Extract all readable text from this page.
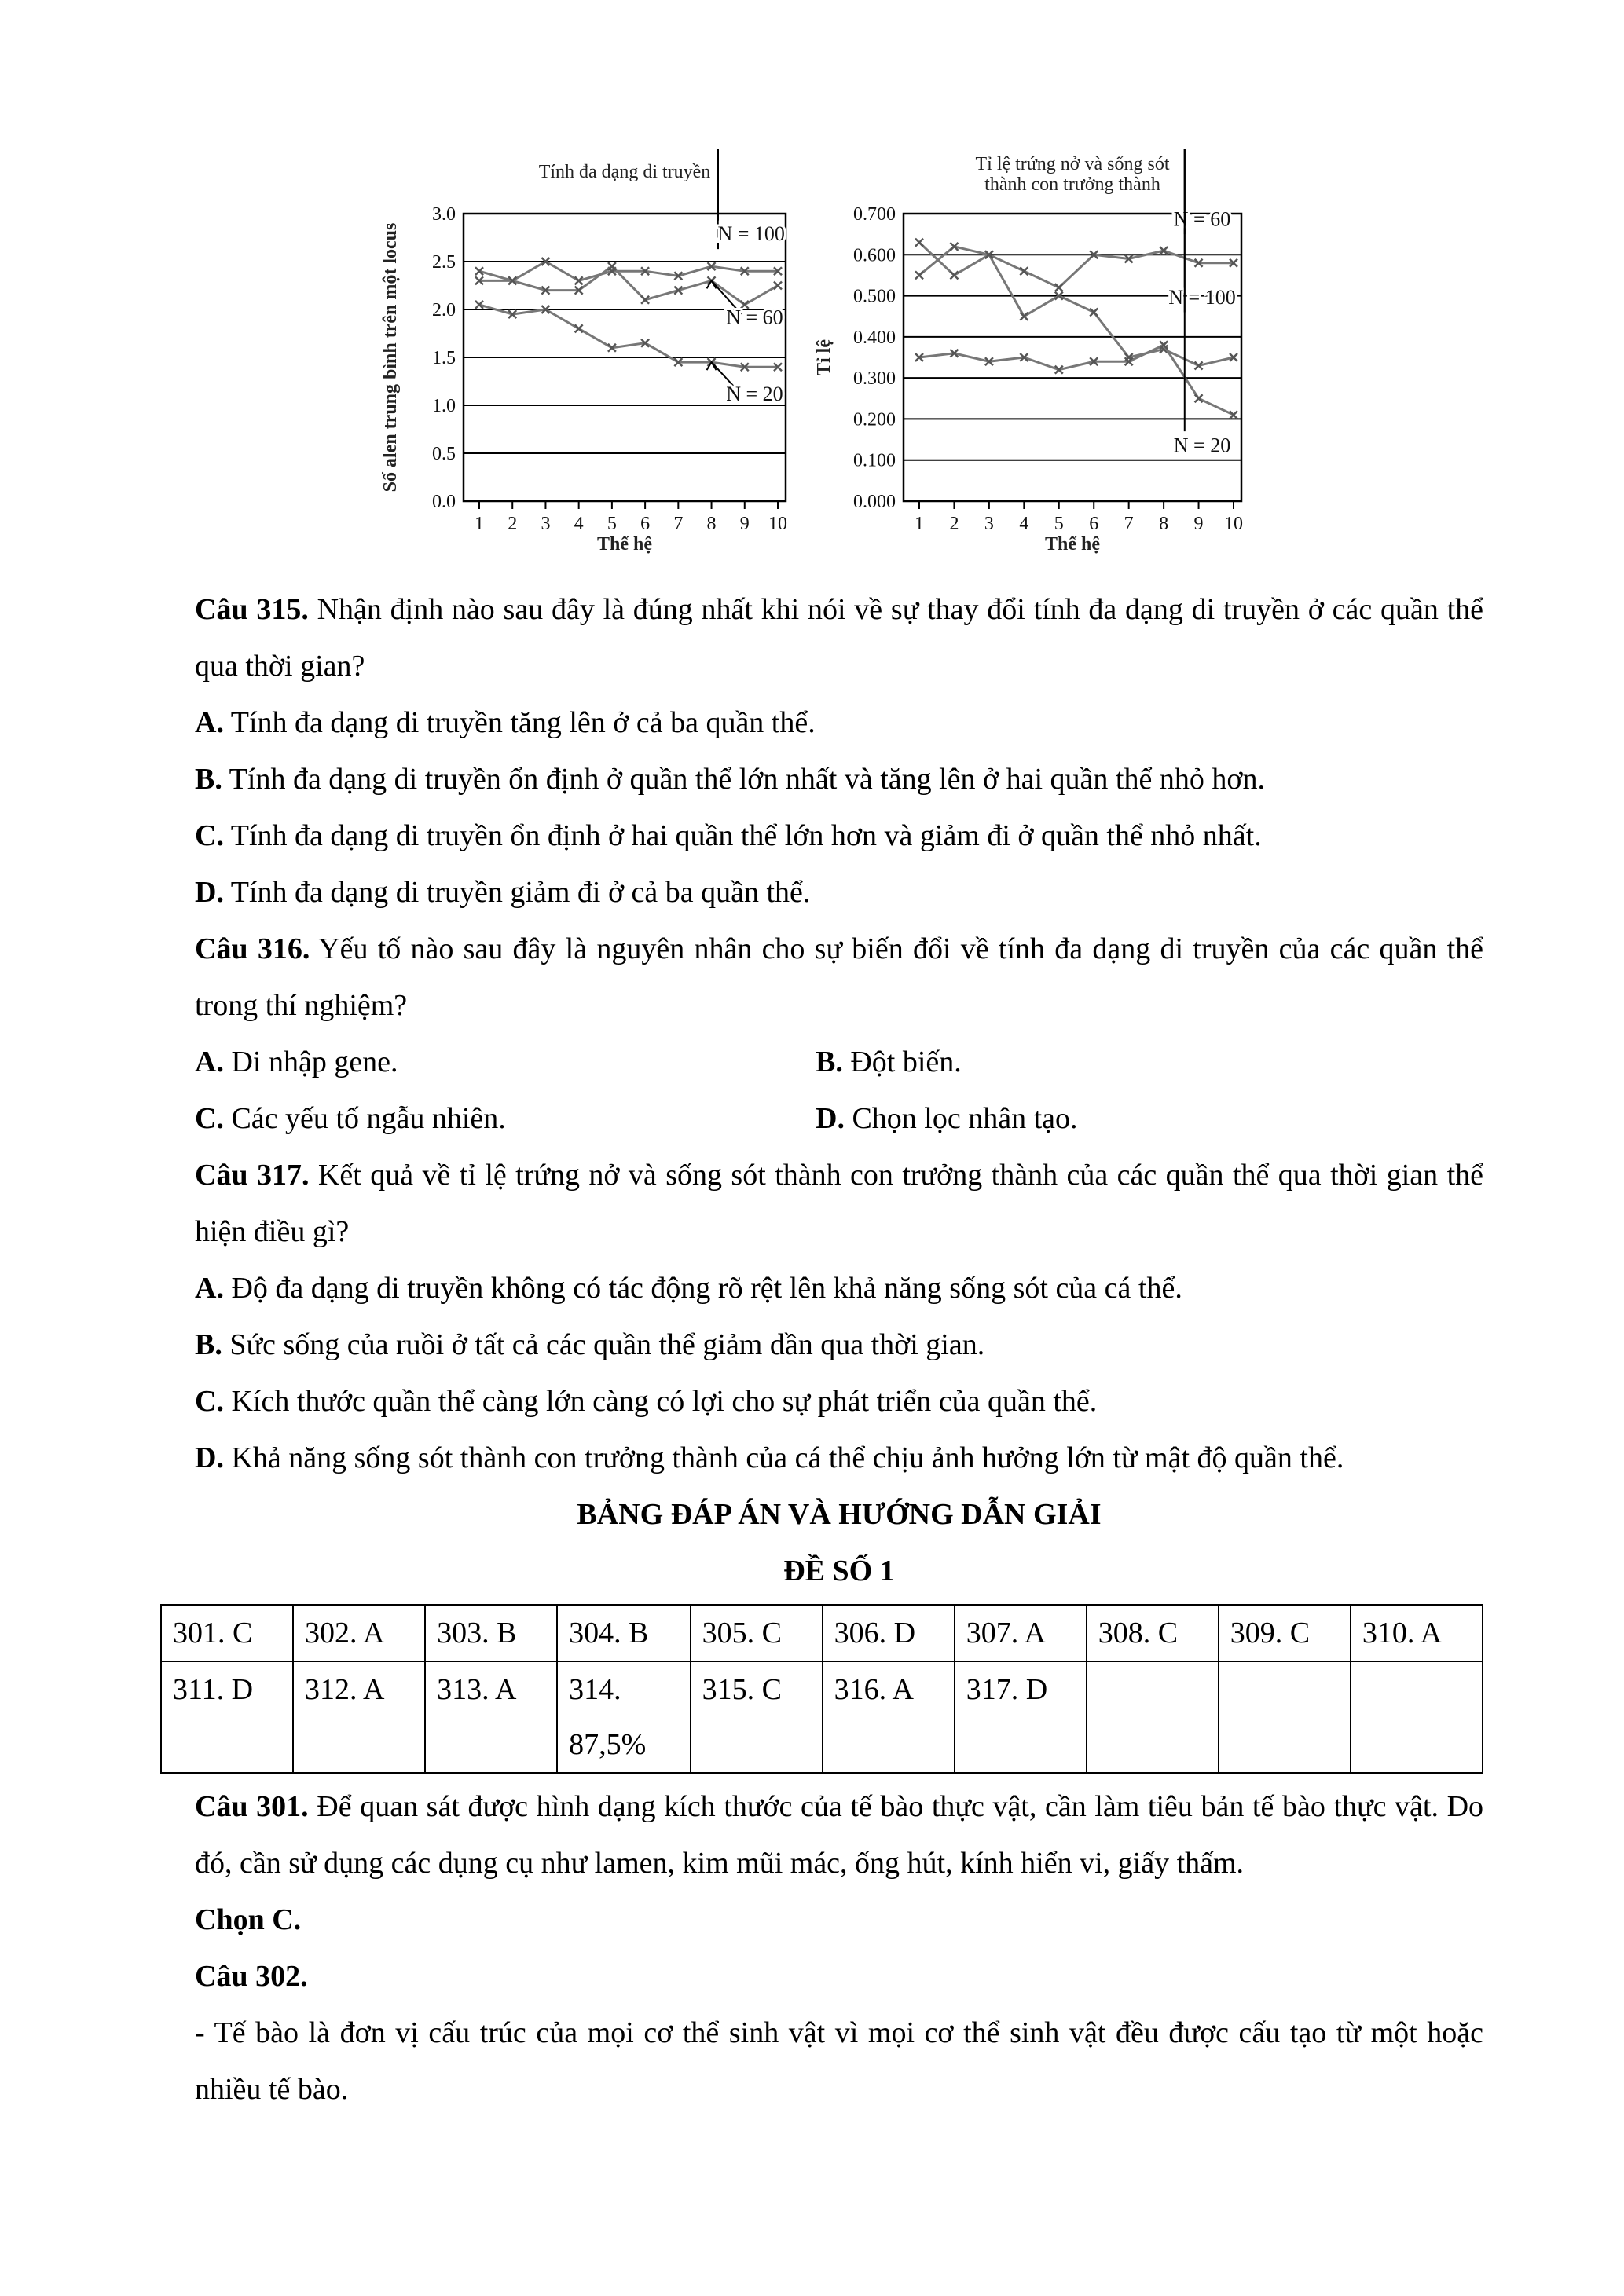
Tính đa dạng di truyền
0.0
0.5
1.0
1.5
2.0
2.5
3.0
1 2 3 4 5 6 7 8 9 10
Thế hệ
Số alen trung bình trên một locus	N = 100
N = 60
N = 20
Tỉ lệ trứng nở và sống sót
thành con trưởng thành
0.000
0.100
0.200
0.300
0.400
0.500
0.600
0.700
1 2 3 4 5 6 7 8 9 10
Thế hệ
Tỉ lệ
N = 60
N = 100
N = 20

Câu 315. Nhận định nào sau đây là đúng nhất khi nói về sự thay đổi tính đa dạng di truyền ở các quần thể qua thời gian?

A. Tính đa dạng di truyền tăng lên ở cả ba quần thể.

B. Tính đa dạng di truyền ổn định ở quần thể lớn nhất và tăng lên ở hai quần thể nhỏ hơn.

C. Tính đa dạng di truyền ổn định ở hai quần thể lớn hơn và giảm đi ở quần thể nhỏ nhất.

D. Tính đa dạng di truyền giảm đi ở cả ba quần thể.

Câu 316. Yếu tố nào sau đây là nguyên nhân cho sự biến đổi về tính đa dạng di truyền của các quần thể trong thí nghiệm?

A. Di nhập gene.	B. Đột biến.
C. Các yếu tố ngẫu nhiên.	D. Chọn lọc nhân tạo.

Câu 317. Kết quả về tỉ lệ trứng nở và sống sót thành con trưởng thành của các quần thể qua thời gian thể hiện điều gì?

A. Độ đa dạng di truyền không có tác động rõ rệt lên khả năng sống sót của cá thể.

B. Sức sống của ruồi ở tất cả các quần thể giảm dần qua thời gian.

C. Kích thước quần thể càng lớn càng có lợi cho sự phát triển của quần thể.

D. Khả năng sống sót thành con trưởng thành của cá thể chịu ảnh hưởng lớn từ mật độ quần thể.

BẢNG ĐÁP ÁN VÀ HƯỚNG DẪN GIẢI

ĐỀ SỐ 1

301. C	302. A	303. B	304. B	305. C	306. D	307. A	308. C	309. C	310. A
311. D	312. A	313. A	314.
87,5%	315. C	316. A	317. D			

Câu 301. Để quan sát được hình dạng kích thước của tế bào thực vật, cần làm tiêu bản tế bào thực vật. Do đó, cần sử dụng các dụng cụ như lamen, kim mũi mác, ống hút, kính hiển vi, giấy thấm.

Chọn C.

Câu 302.

- Tế bào là đơn vị cấu trúc của mọi cơ thể sinh vật vì mọi cơ thể sinh vật đều được cấu tạo từ một hoặc nhiều tế bào.
